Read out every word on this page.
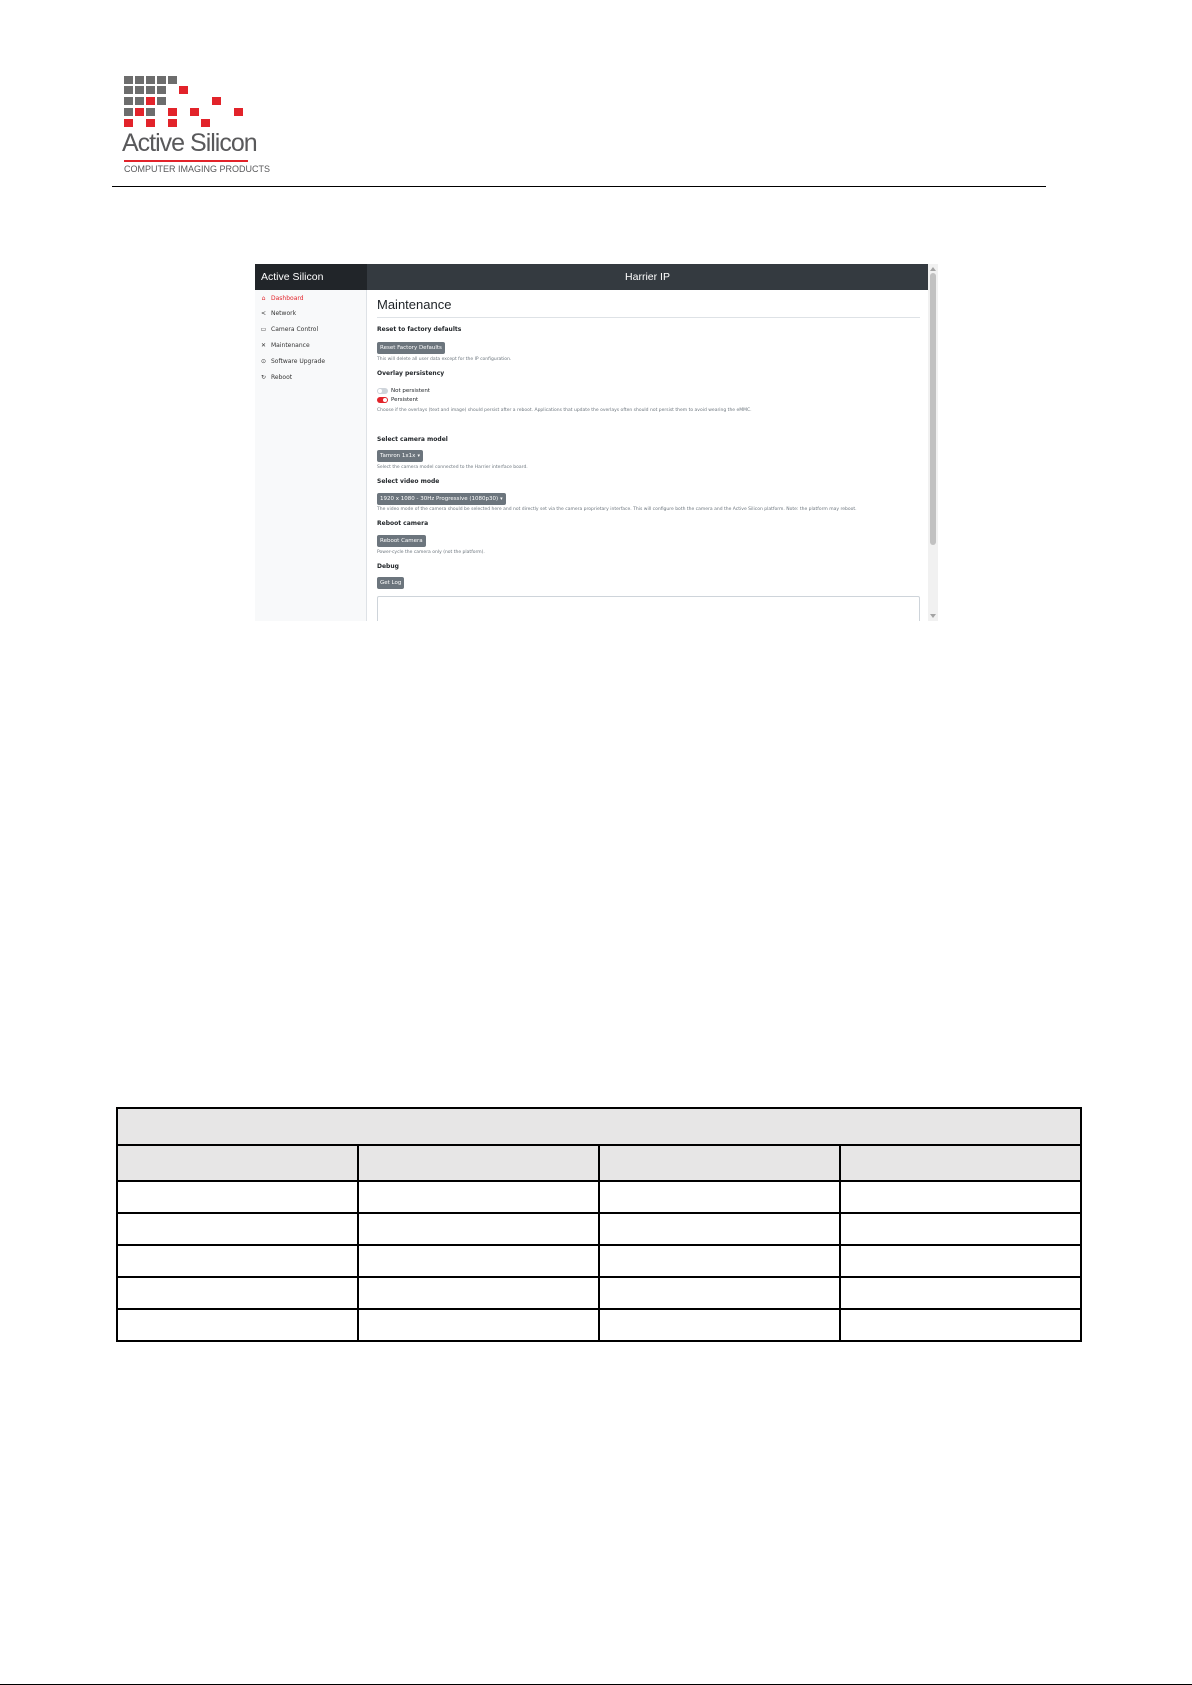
Active Silicon
COMPUTER IMAGING PRODUCTS
Active Silicon	Harrier IP
⌂ Dashboard
< Network
▭ Camera Control
✕ Maintenance
⊙ Software Upgrade
↻ Reboot
Maintenance
Reset to factory defaults
Reset Factory Defaults
This will delete all user data except for the IP configuration.
Overlay persistency
Not persistent
Persistent
Choose if the overlays (text and image) should persist after a reboot. Applications that update the overlays often should not persist them to avoid wearing the eMMC.
Select camera model
Tamron 1x1x ▾
Select the camera model connected to the Harrier interface board.
Select video mode
1920 x 1080 - 30Hz Progressive (1080p30) ▾
The video mode of the camera should be selected here and not directly set via the camera proprietary interface. This will configure both the camera and the Active Silicon platform. Note: the platform may reboot.
Reboot camera
Reboot Camera
Power-cycle the camera only (not the platform).
Debug
Get Log
